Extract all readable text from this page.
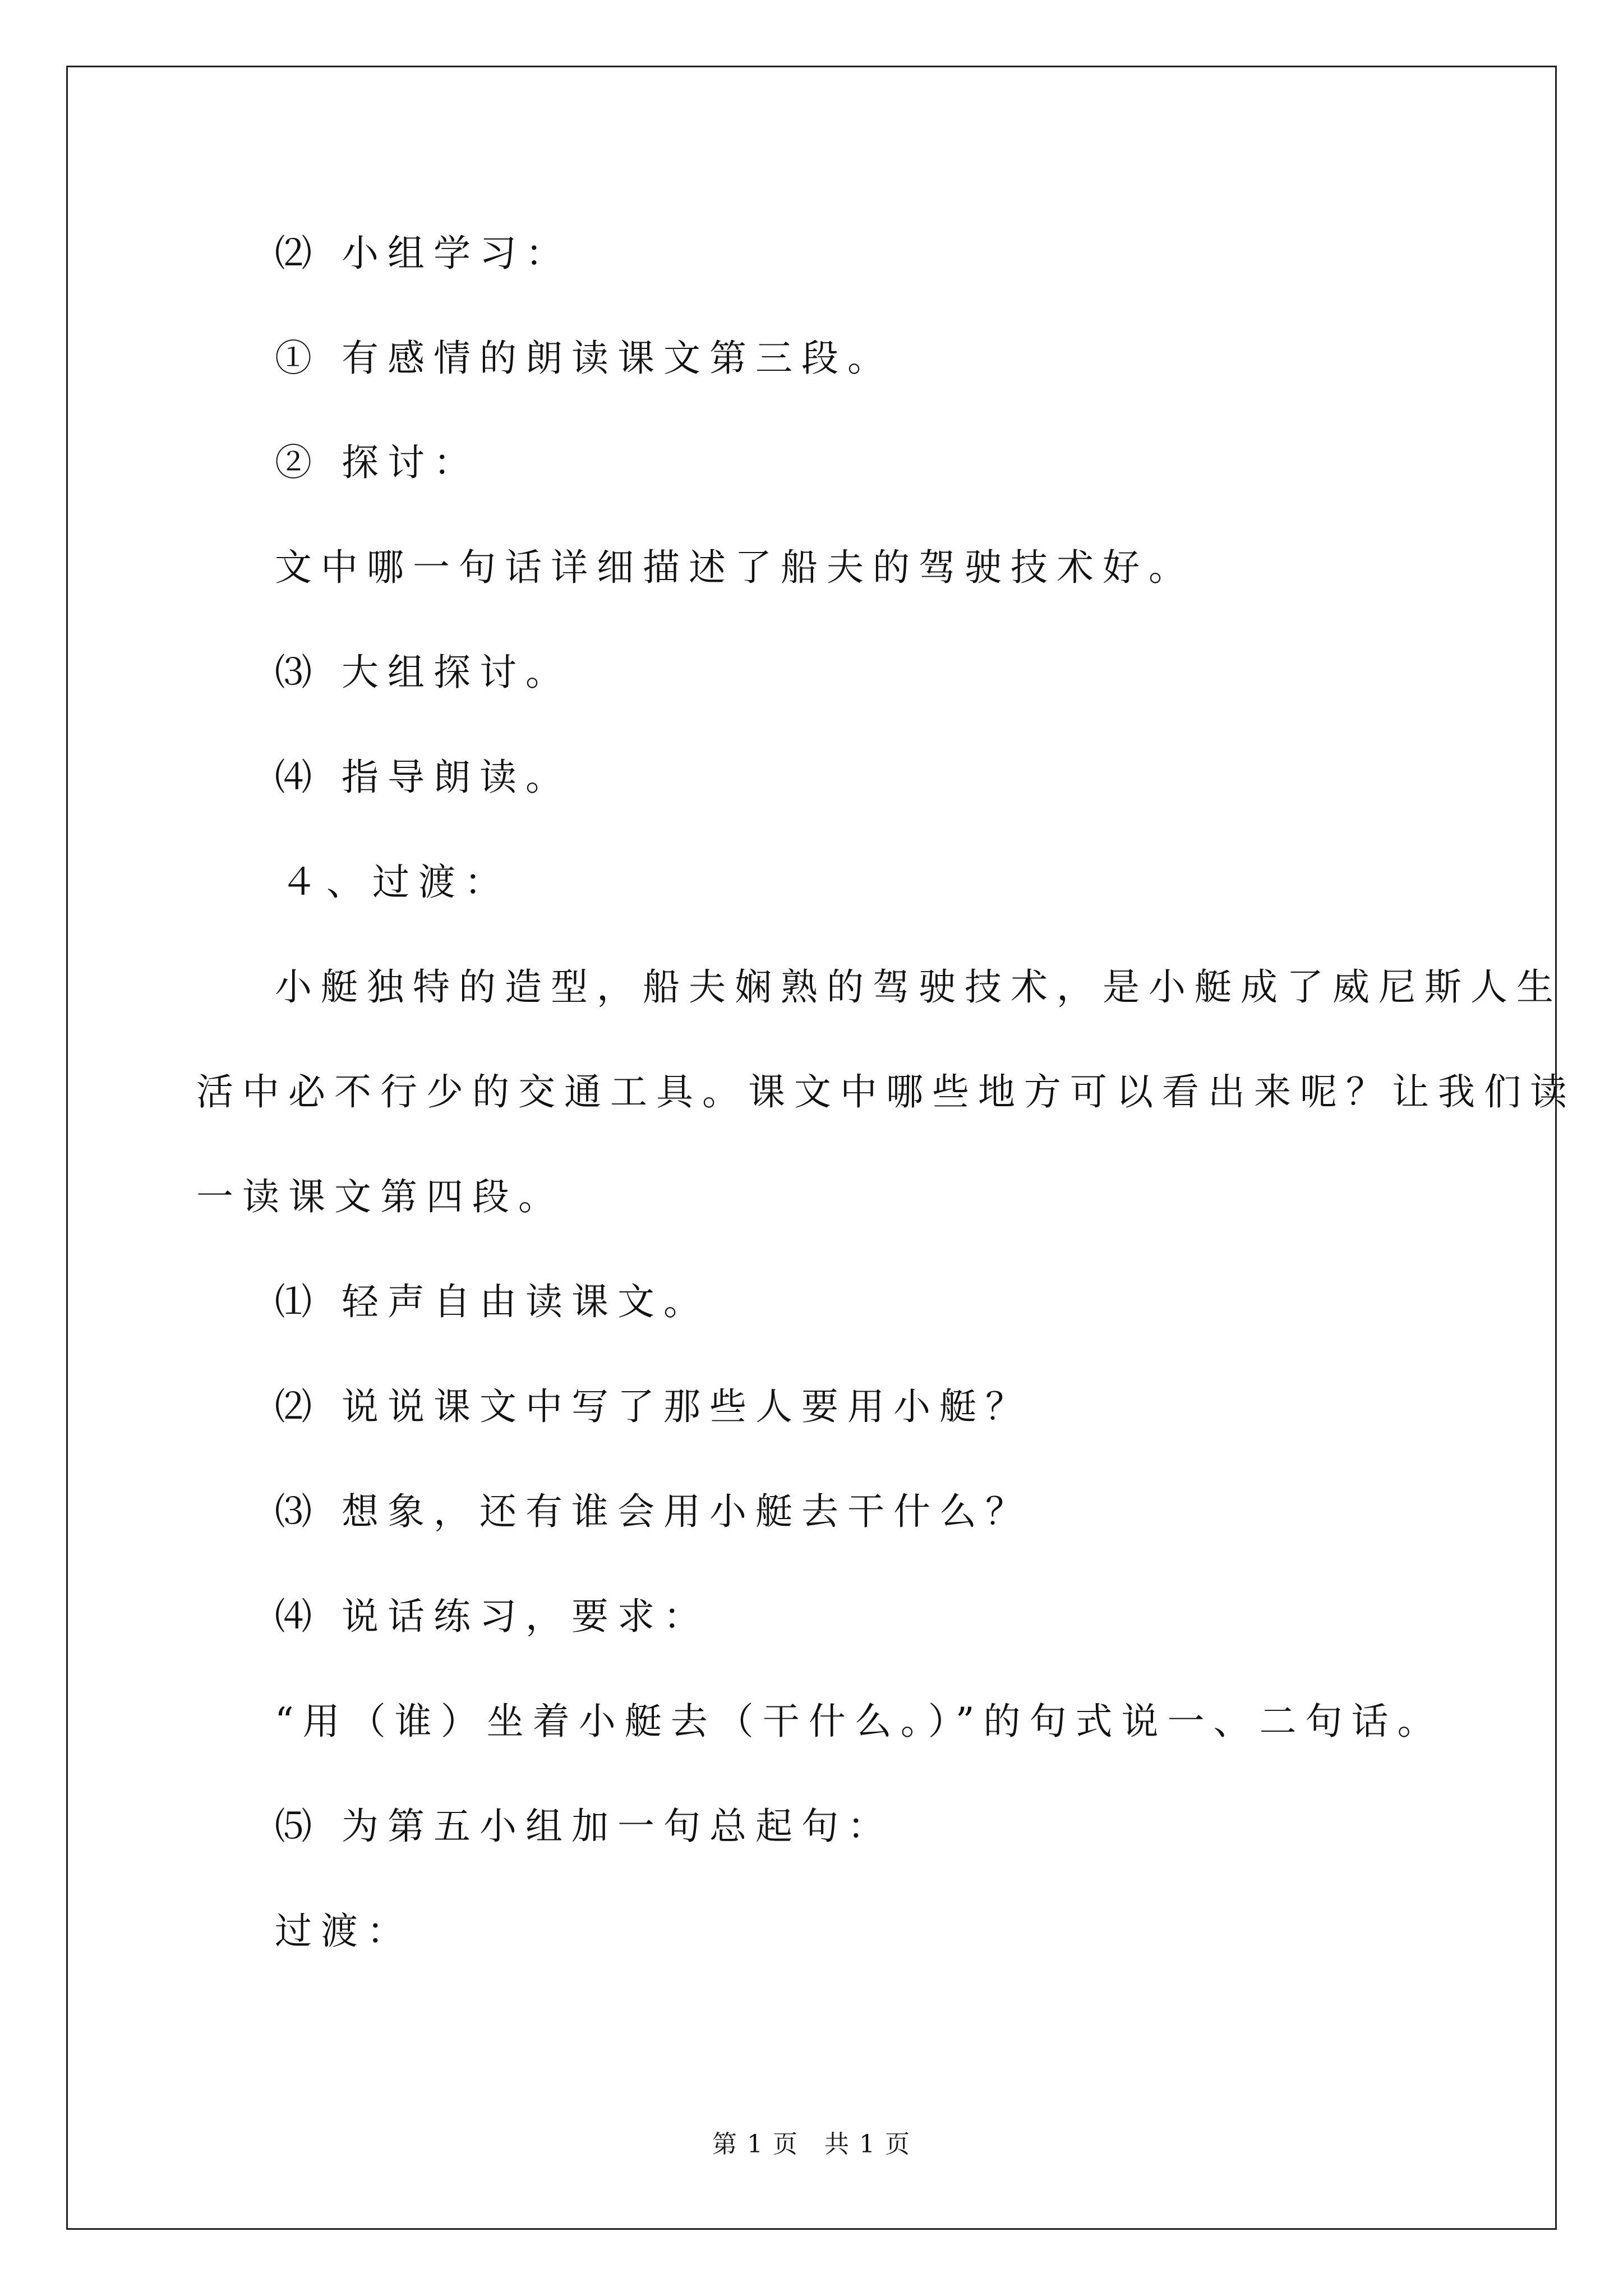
⑵ 小组学习：
① 有感情的朗读课文第三段。
② 探讨：
文中哪一句话详细描述了船夫的驾驶技术好。
⑶ 大组探讨。
⑷ 指导朗读。
４、过渡：
小艇独特的造型，船夫娴熟的驾驶技术，是小艇成了威尼斯人生
活中必不行少的交通工具。课文中哪些地方可以看出来呢？让我们读
一读课文第四段。
⑴ 轻声自由读课文。
⑵ 说说课文中写了那些人要用小艇？
⑶ 想象，还有谁会用小艇去干什么？
⑷ 说话练习，要求：
“用（谁）坐着小艇去（干什么。）”的句式说一、二句话。
⑸ 为第五小组加一句总起句：
过渡：
第 1 页　共 1 页
